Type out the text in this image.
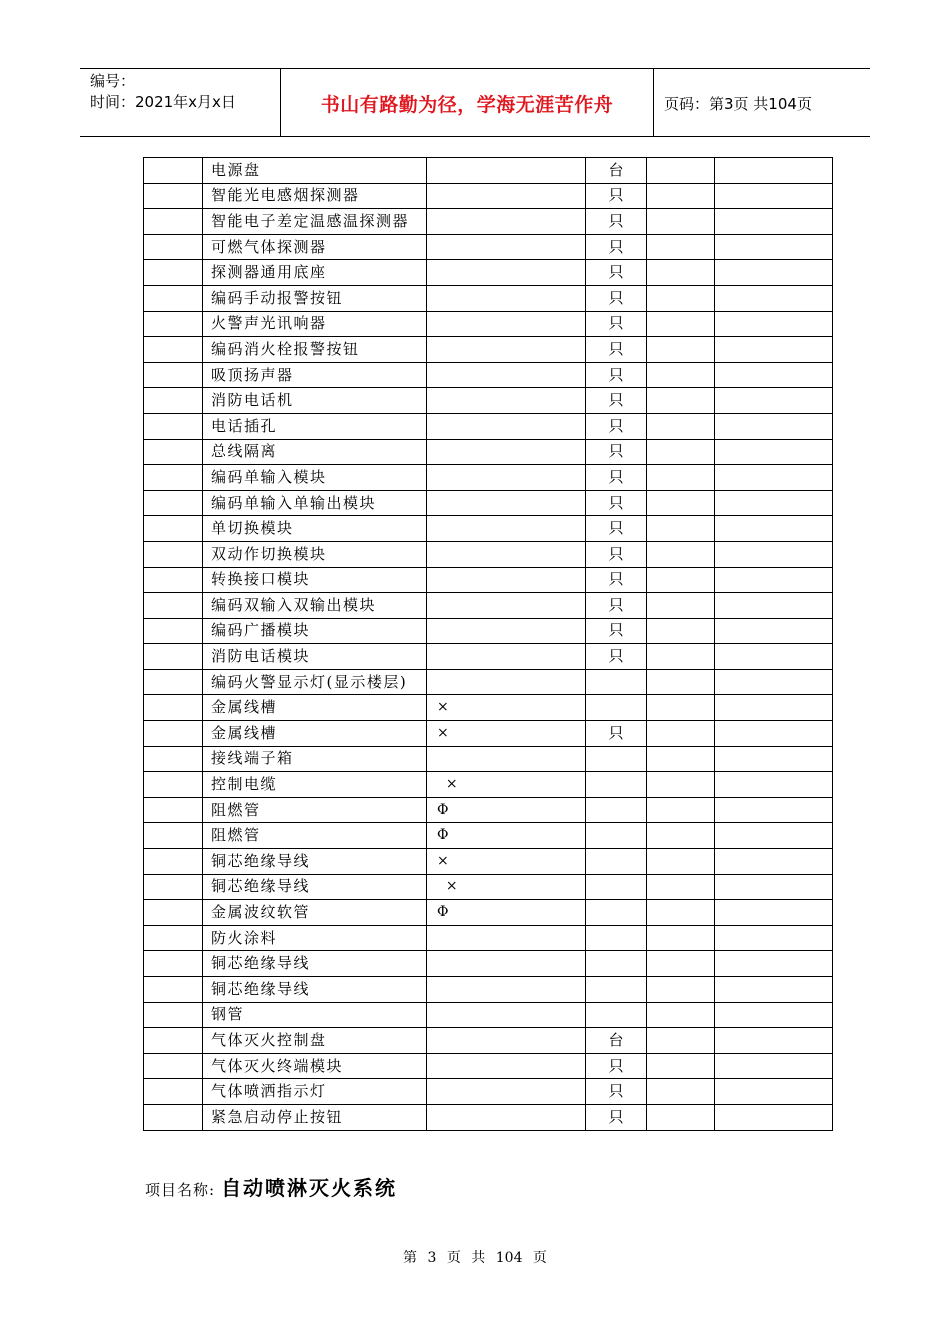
编号：
时间：2021年x月x日	书山有路勤为径，学海无涯苦作舟	页码：第3页 共104页
	电源盘		台		
	智能光电感烟探测器		只		
	智能电子差定温感温探测器		只		
	可燃气体探测器		只		
	探测器通用底座		只		
	编码手动报警按钮		只		
	火警声光讯响器		只		
	编码消火栓报警按钮		只		
	吸顶扬声器		只		
	消防电话机		只		
	电话插孔		只		
	总线隔离		只		
	编码单输入模块		只		
	编码单输入单输出模块		只		
	单切换模块		只		
	双动作切换模块		只		
	转换接口模块		只		
	编码双输入双输出模块		只		
	编码广播模块		只		
	消防电话模块		只		
	编码火警显示灯(显示楼层)				
	金属线槽	×			
	金属线槽	×	只		
	接线端子箱				
	控制电缆	×			
	阻燃管	Φ			
	阻燃管	Φ			
	铜芯绝缘导线	×			
	铜芯绝缘导线	×			
	金属波纹软管	Φ			
	防火涂料				
	铜芯绝缘导线				
	铜芯绝缘导线				
	钢管				
	气体灭火控制盘		台		
	气体灭火终端模块		只		
	气体喷洒指示灯		只		
	紧急启动停止按钮		只		
项目名称: 自动喷淋灭火系统
第 3 页 共 104 页
